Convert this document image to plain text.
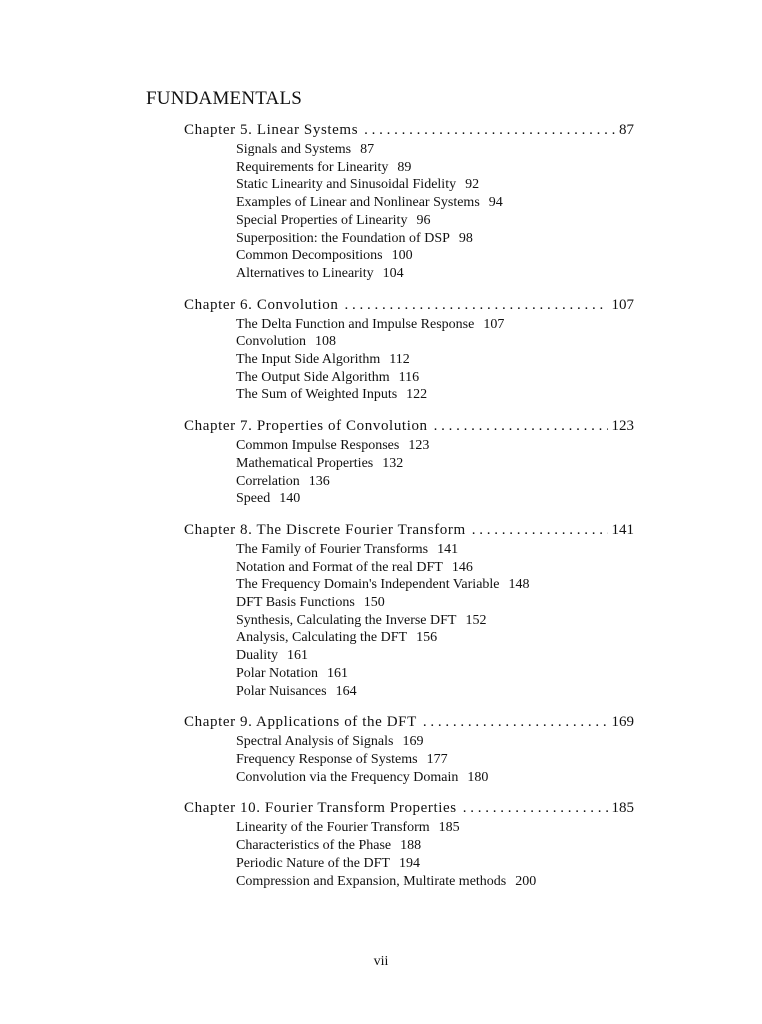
FUNDAMENTALS
Chapter 5. Linear Systems . . .	87
Signals and Systems 87
Requirements for Linearity 89
Static Linearity and Sinusoidal Fidelity 92
Examples of Linear and Nonlinear Systems 94
Special Properties of Linearity 96
Superposition: the Foundation of DSP 98
Common Decompositions 100
Alternatives to Linearity 104
Chapter 6. Convolution . . .	107
The Delta Function and Impulse Response 107
Convolution 108
The Input Side Algorithm 112
The Output Side Algorithm 116
The Sum of Weighted Inputs 122
Chapter 7. Properties of Convolution . . .	123
Common Impulse Responses 123
Mathematical Properties 132
Correlation 136
Speed 140
Chapter 8. The Discrete Fourier Transform . . .	141
The Family of Fourier Transforms 141
Notation and Format of the real DFT 146
The Frequency Domain's Independent Variable 148
DFT Basis Functions 150
Synthesis, Calculating the Inverse DFT 152
Analysis, Calculating the DFT 156
Duality 161
Polar Notation 161
Polar Nuisances 164
Chapter 9. Applications of the DFT . . .	169
Spectral Analysis of Signals 169
Frequency Response of Systems 177
Convolution via the Frequency Domain 180
Chapter 10. Fourier Transform Properties . . .	185
Linearity of the Fourier Transform 185
Characteristics of the Phase 188
Periodic Nature of the DFT 194
Compression and Expansion, Multirate methods 200
vii
